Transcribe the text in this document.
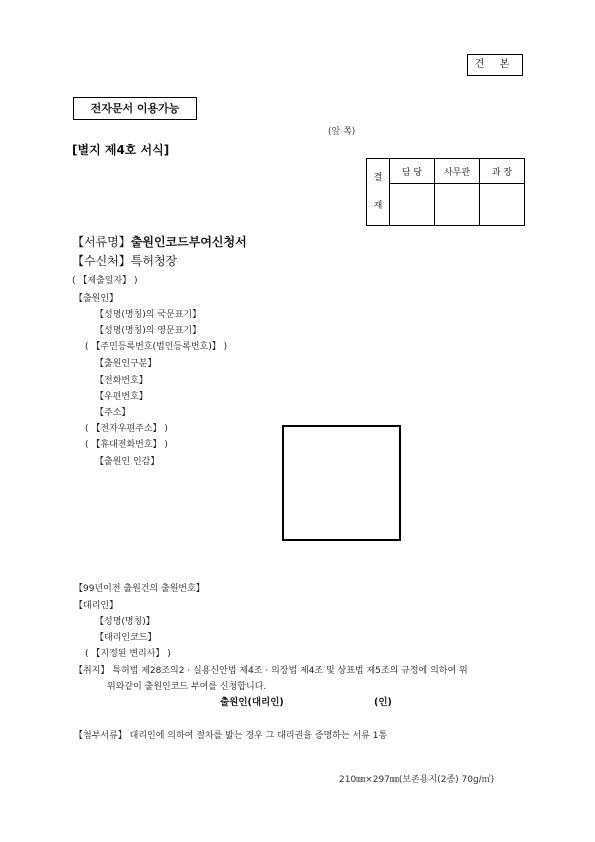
견 본
전자문서 이용가능
(앞 쪽)
[별지 제4호 서식]
결
재	담 당	사무관	과 장

【서류명】출원인코드부여신청서
【수신처】특허청장
( 【제출일자】 )
【출원인】
【성명(명칭)의 국문표기】
【성명(명칭)의 영문표기】
( 【주민등록번호(법인등록번호)】 )
【출원인구분】
【전화번호】
【우편번호】
【주소】
( 【전자우편주소】 )
( 【휴대전화번호】 )
【출원인 인감】
【99년이전 출원건의 출원번호】
【대리인】
【성명(명칭)】
【대리인코드】
( 【지정된 변리사】 )
【취지】 특허법 제28조의2 · 실용신안법 제4조 · 의장법 제4조 및 상표법 제5조의 규정에 의하여 위
위와같이 출원인코드 부여를 신청합니다.
출원인(대리인)	(인)
【첨부서류】 대리인에 의하여 절차를 밟는 경우 그 대리권을 증명하는 서류 1통
210㎜×297㎜(보존용지(2종) 70g/㎡)
